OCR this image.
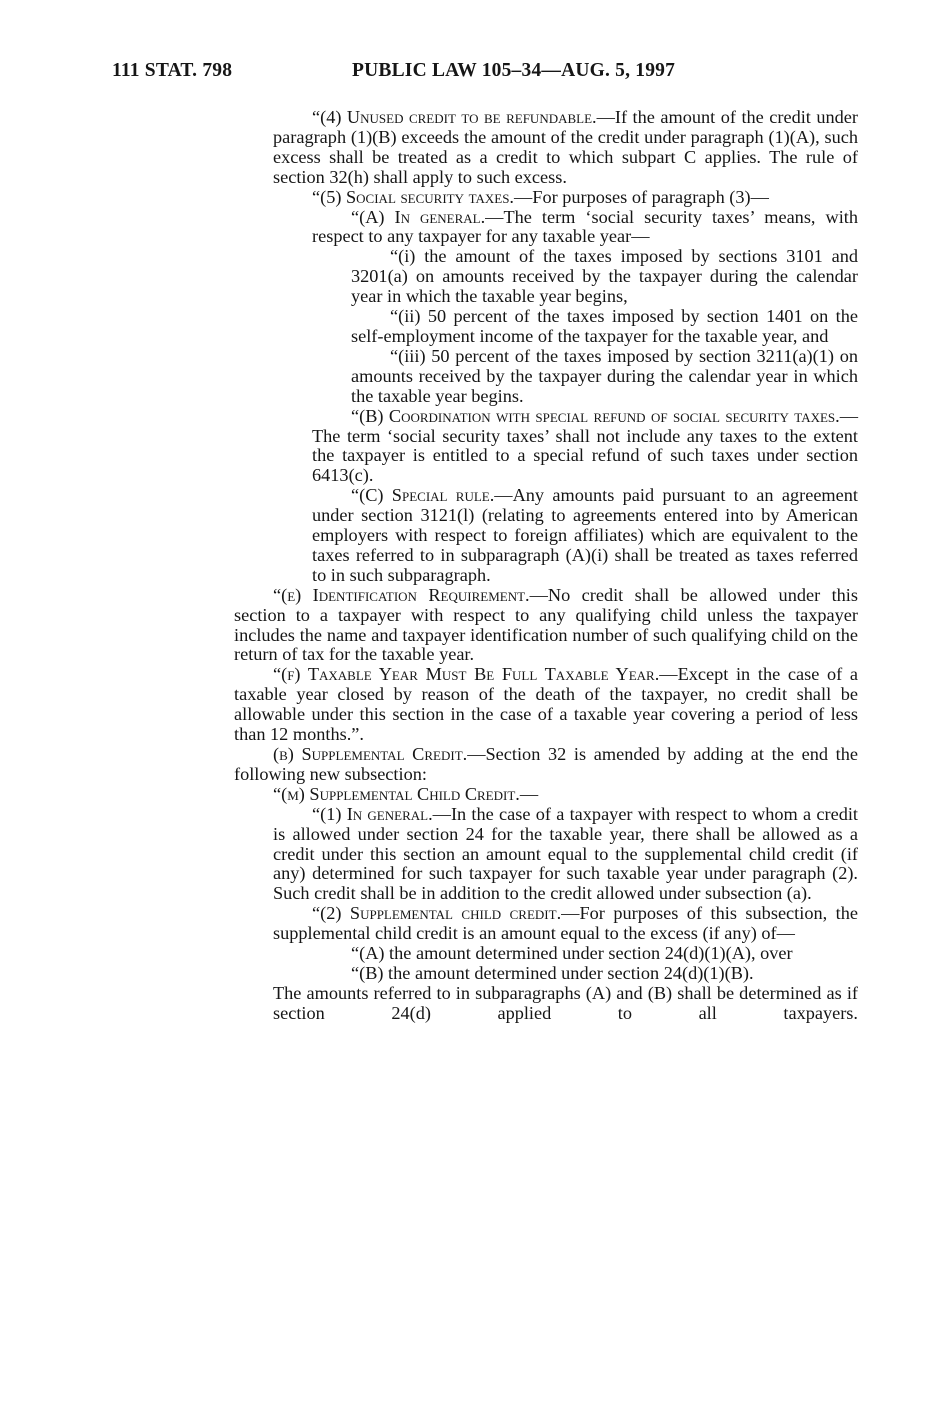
111 STAT. 798	PUBLIC LAW 105–34—AUG. 5, 1997

“(4) Unused credit to be refundable.—If the amount of the credit under paragraph (1)(B) exceeds the amount of the credit under paragraph (1)(A), such excess shall be treated as a credit to which subpart C applies. The rule of section 32(h) shall apply to such excess.

“(5) Social security taxes.—For purposes of paragraph (3)—

“(A) In general.—The term ‘social security taxes’ means, with respect to any taxpayer for any taxable year—

“(i) the amount of the taxes imposed by sections 3101 and 3201(a) on amounts received by the taxpayer during the calendar year in which the taxable year begins,

“(ii) 50 percent of the taxes imposed by section 1401 on the self-employment income of the taxpayer for the taxable year, and

“(iii) 50 percent of the taxes imposed by section 3211(a)(1) on amounts received by the taxpayer during the calendar year in which the taxable year begins.

“(B) Coordination with special refund of social security taxes.—The term ‘social security taxes’ shall not include any taxes to the extent the taxpayer is entitled to a special refund of such taxes under section 6413(c).

“(C) Special rule.—Any amounts paid pursuant to an agreement under section 3121(l) (relating to agreements entered into by American employers with respect to foreign affiliates) which are equivalent to the taxes referred to in subparagraph (A)(i) shall be treated as taxes referred to in such subparagraph.

“(e) Identification Requirement.—No credit shall be allowed under this section to a taxpayer with respect to any qualifying child unless the taxpayer includes the name and taxpayer identification number of such qualifying child on the return of tax for the taxable year.

“(f) Taxable Year Must Be Full Taxable Year.—Except in the case of a taxable year closed by reason of the death of the taxpayer, no credit shall be allowable under this section in the case of a taxable year covering a period of less than 12 months.”.

(b) Supplemental Credit.—Section 32 is amended by adding at the end the following new subsection:

“(m) Supplemental Child Credit.—

“(1) In general.—In the case of a taxpayer with respect to whom a credit is allowed under section 24 for the taxable year, there shall be allowed as a credit under this section an amount equal to the supplemental child credit (if any) determined for such taxpayer for such taxable year under paragraph (2). Such credit shall be in addition to the credit allowed under subsection (a).

“(2) Supplemental child credit.—For purposes of this subsection, the supplemental child credit is an amount equal to the excess (if any) of—

“(A) the amount determined under section 24(d)(1)(A), over

“(B) the amount determined under section 24(d)(1)(B).

The amounts referred to in subparagraphs (A) and (B) shall be determined as if section 24(d) applied to all taxpayers.
